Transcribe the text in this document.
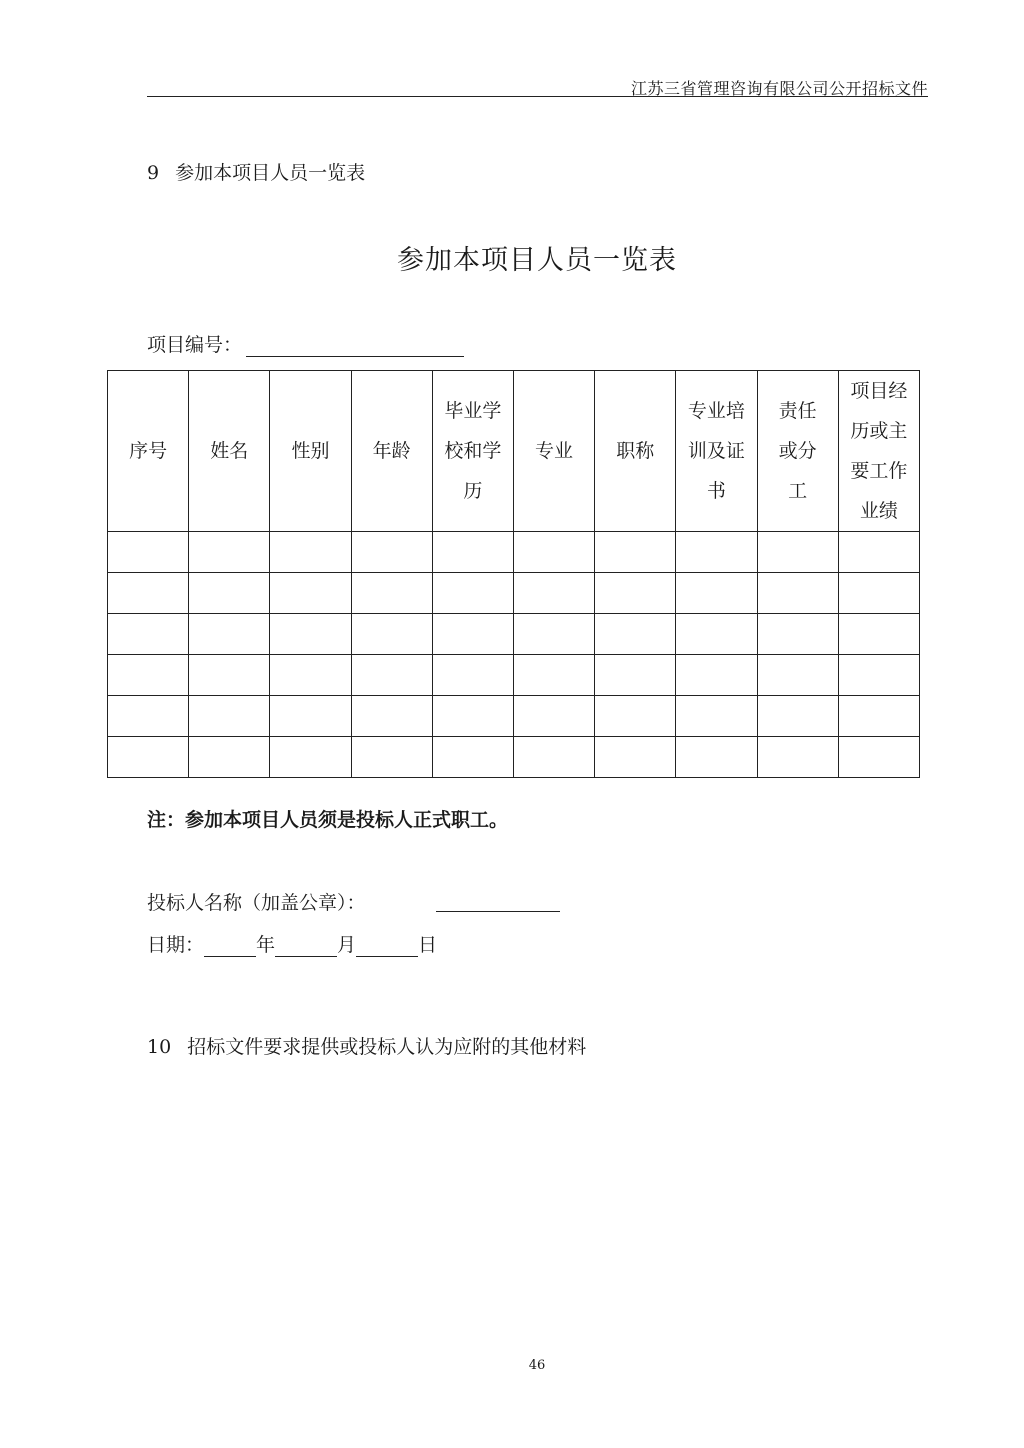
江苏三省管理咨询有限公司公开招标文件
9 参加本项目人员一览表
参加本项目人员一览表
项目编号：
序号	姓名	性别	年龄	毕业学校和学历	专业	职称	专业培训及证书	责任或分工	项目经历或主要工作业绩

注：参加本项目人员须是投标人正式职工。
投标人名称（加盖公章）：
日期：	年	月	日
10 招标文件要求提供或投标人认为应附的其他材料
46
